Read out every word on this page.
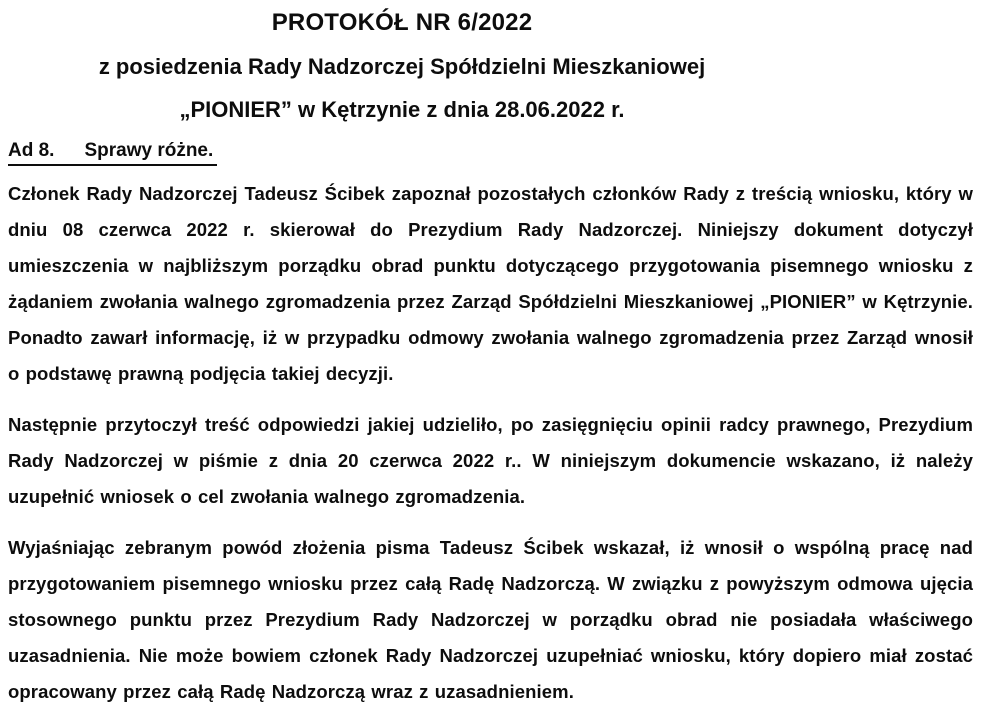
PROTOKÓŁ NR 6/2022
z posiedzenia Rady Nadzorczej Spółdzielni Mieszkaniowej
„PIONIER” w Kętrzynie z dnia 28.06.2022 r.
Ad 8. Sprawy różne.

Członek Rady Nadzorczej Tadeusz Ścibek zapoznał pozostałych członków Rady z treścią wniosku, który w dniu 08 czerwca 2022 r. skierował do Prezydium Rady Nadzorczej. Niniejszy dokument dotyczył umieszczenia w najbliższym porządku obrad punktu dotyczącego przygotowania pisemnego wniosku z żądaniem zwołania walnego zgromadzenia przez Zarząd Spółdzielni Mieszkaniowej „PIONIER” w Kętrzynie. Ponadto zawarł informację, iż w przypadku odmowy zwołania walnego zgromadzenia przez Zarząd wnosił o podstawę prawną podjęcia takiej decyzji.

Następnie przytoczył treść odpowiedzi jakiej udzieliło, po zasięgnięciu opinii radcy prawnego, Prezydium Rady Nadzorczej w piśmie z dnia 20 czerwca 2022 r.. W niniejszym dokumencie wskazano, iż należy uzupełnić wniosek o cel zwołania walnego zgromadzenia.

Wyjaśniając zebranym powód złożenia pisma Tadeusz Ścibek wskazał, iż wnosił o wspólną pracę nad przygotowaniem pisemnego wniosku przez całą Radę Nadzorczą. W związku z powyższym odmowa ujęcia stosownego punktu przez Prezydium Rady Nadzorczej w porządku obrad nie posiadała właściwego uzasadnienia. Nie może bowiem członek Rady Nadzorczej uzupełniać wniosku, który dopiero miał zostać opracowany przez całą Radę Nadzorczą wraz z uzasadnieniem.
